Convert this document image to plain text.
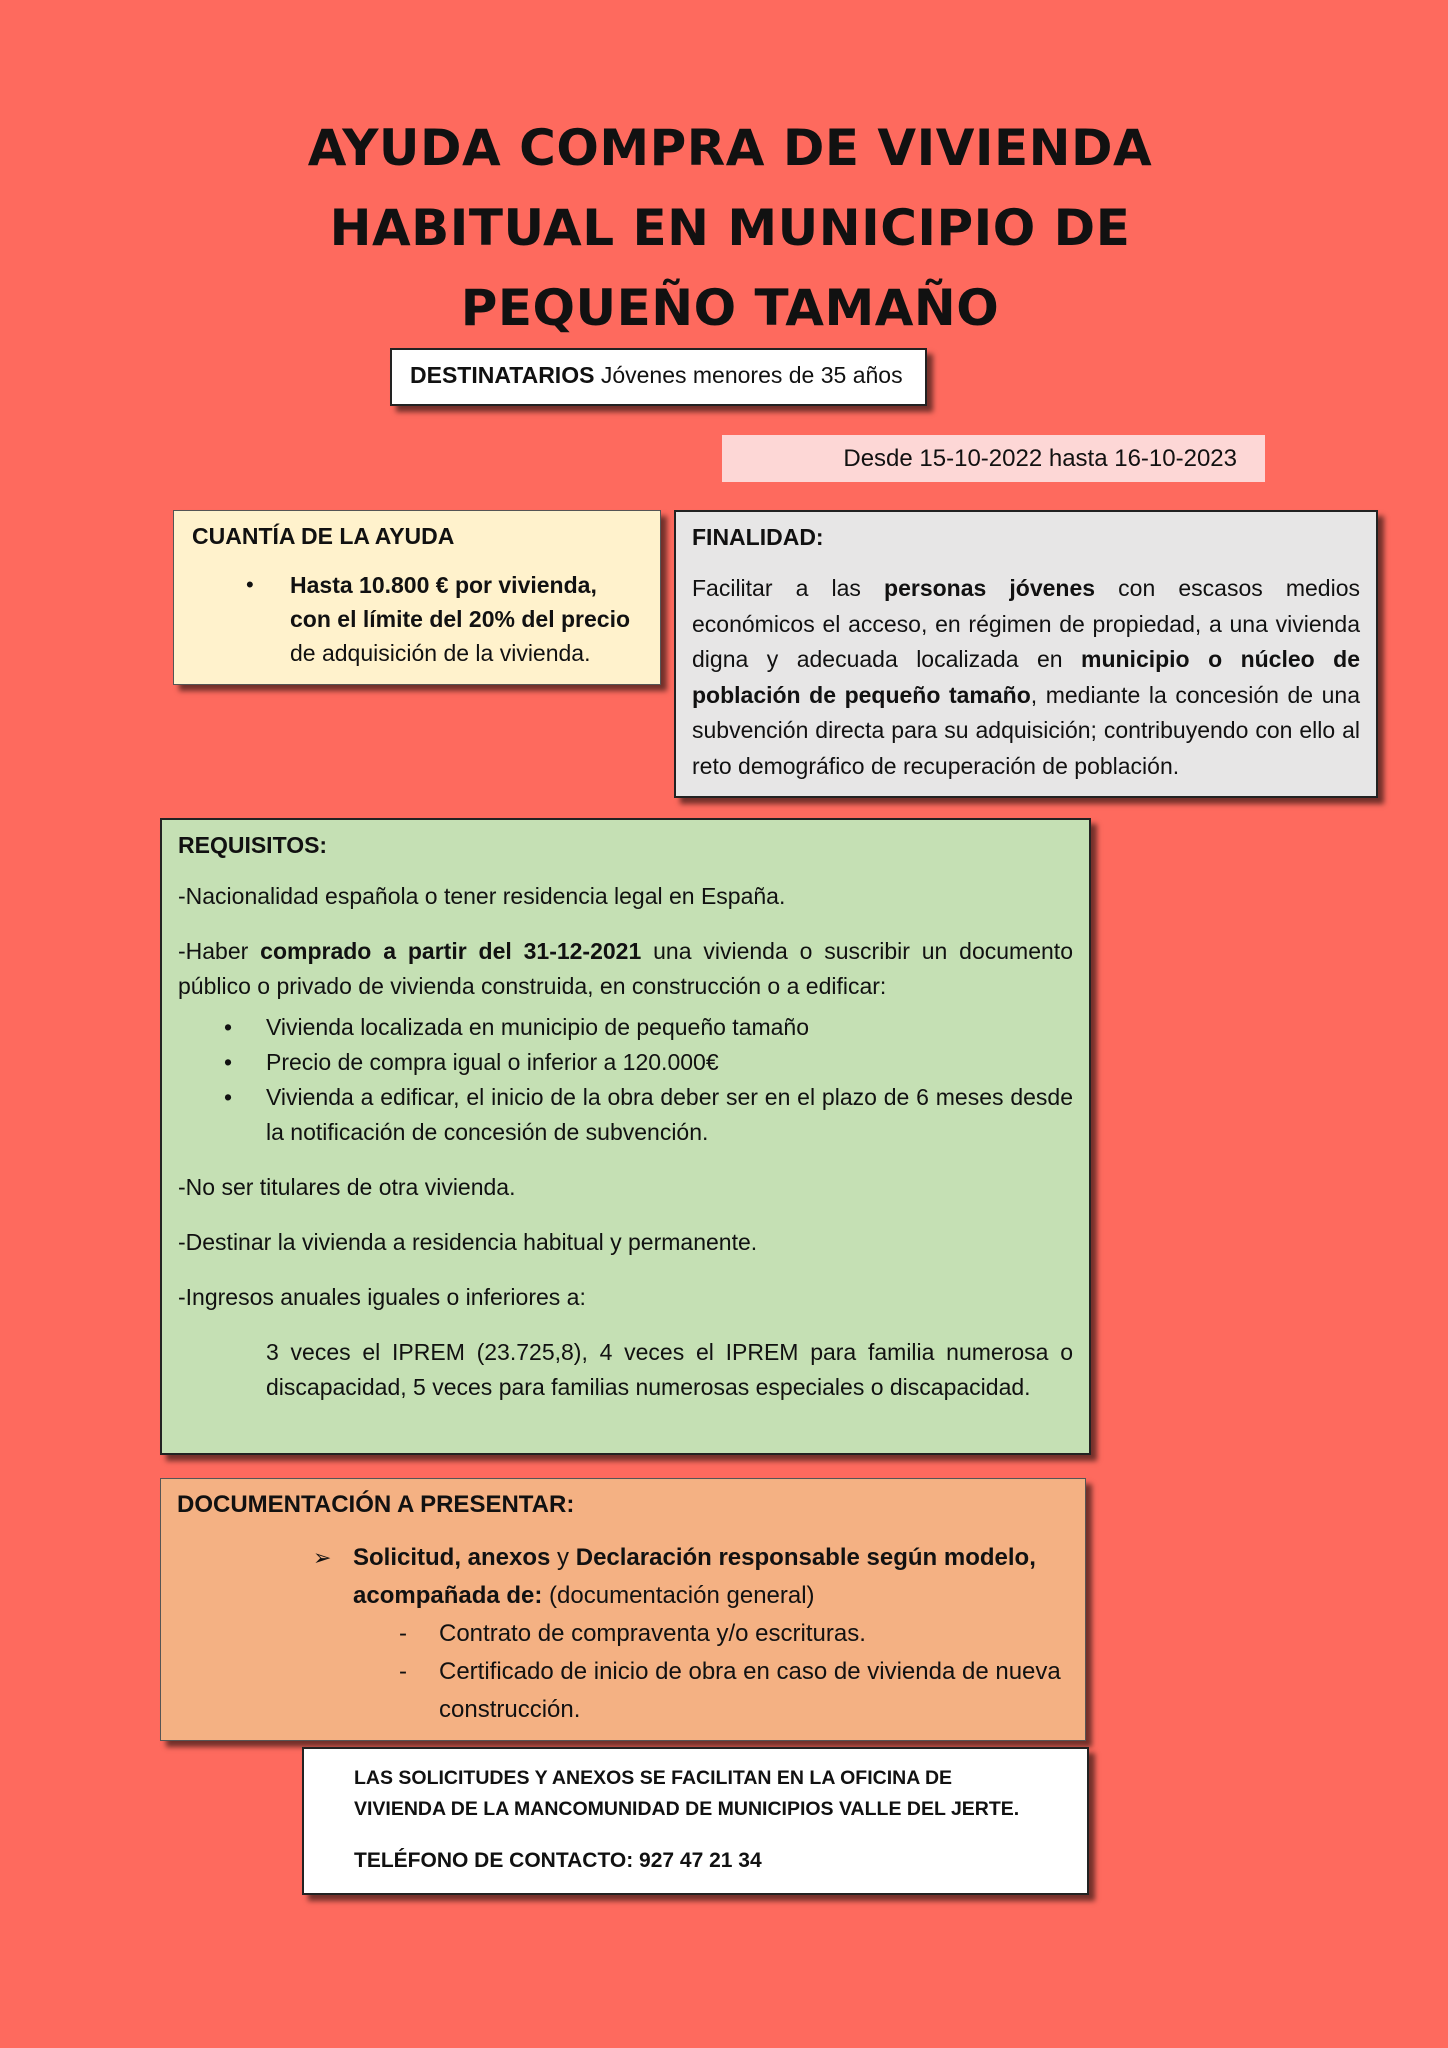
AYUDA COMPRA DE VIVIENDA
HABITUAL EN MUNICIPIO DE
PEQUEÑO TAMAÑO
DESTINATARIOS Jóvenes menores de 35 años
Desde 15-10-2022 hasta 16-10-2023
CUANTÍA DE LA AYUDA
• Hasta 10.800 € por vivienda, con el límite del 20% del precio de adquisición de la vivienda.
FINALIDAD:

Facilitar a las personas jóvenes con escasos medios económicos el acceso, en régimen de propiedad, a una vivienda digna y adecuada localizada en municipio o núcleo de población de pequeño tamaño, mediante la concesión de una subvención directa para su adquisición; contribuyendo con ello al reto demográfico de recuperación de población.

REQUISITOS:

-Nacionalidad española o tener residencia legal en España.

-Haber comprado a partir del 31-12-2021 una vivienda o suscribir un documento público o privado de vivienda construida, en construcción o a edificar:

• Vivienda localizada en municipio de pequeño tamaño
• Precio de compra igual o inferior a 120.000€
• Vivienda a edificar, el inicio de la obra deber ser en el plazo de 6 meses desde la notificación de concesión de subvención.

-No ser titulares de otra vivienda.

-Destinar la vivienda a residencia habitual y permanente.

-Ingresos anuales iguales o inferiores a:

3 veces el IPREM (23.725,8), 4 veces el IPREM para familia numerosa o discapacidad, 5 veces para familias numerosas especiales o discapacidad.

DOCUMENTACIÓN A PRESENTAR:
➢ Solicitud, anexos y Declaración responsable según modelo, acompañada de: (documentación general)
- Contrato de compraventa y/o escrituras.
- Certificado de inicio de obra en caso de vivienda de nueva construcción.

LAS SOLICITUDES Y ANEXOS SE FACILITAN EN LA OFICINA DE VIVIENDA DE LA MANCOMUNIDAD DE MUNICIPIOS VALLE DEL JERTE.

TELÉFONO DE CONTACTO: 927 47 21 34
